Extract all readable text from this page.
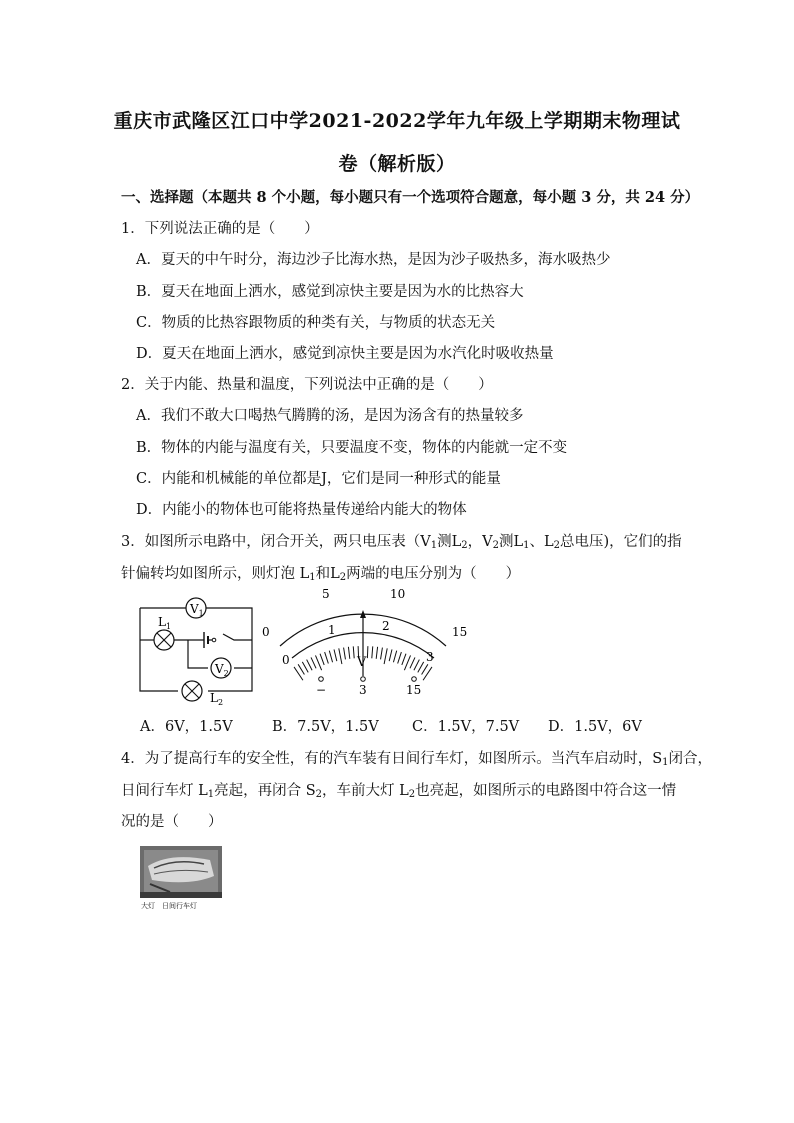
重庆市武隆区江口中学2021-2022学年九年级上学期期末物理试
卷（解析版）
一、选择题（本题共 8 个小题，每小题只有一个选项符合题意，每小题 3 分，共 24 分）
1．下列说法正确的是（　　）
A．夏天的中午时分，海边沙子比海水热，是因为沙子吸热多，海水吸热少
B．夏天在地面上洒水，感觉到凉快主要是因为水的比热容大
C．物质的比热容跟物质的种类有关，与物质的状态无关
D．夏天在地面上洒水，感觉到凉快主要是因为水汽化时吸收热量
2．关于内能、热量和温度，下列说法中正确的是（　　）
A．我们不敢大口喝热气腾腾的汤，是因为汤含有的热量较多
B．物体的内能与温度有关，只要温度不变，物体的内能就一定不变
C．内能和机械能的单位都是J，它们是同一种形式的能量
D．内能小的物体也可能将热量传递给内能大的物体
3．如图所示电路中，闭合开关，两只电压表（$V_1$测$L_2$，$V_2$测$L_1$、$L_2$总电压)，它们的指
针偏转均如图所示，则灯泡 $L_1$和$L_2$两端的电压分别为（　　）
$V_1$
$V_2$
$L_1$
$L_2$
0
5	10
15
0
1	2
3
V
−	3	15
A．6V，1.5V	B．7.5V，1.5V C．1.5V，7.5V D．1.5V，6V
4．为了提高行车的安全性，有的汽车装有日间行车灯，如图所示。当汽车启动时，$S_1$闭合，
日间行车灯 $L_1$亮起，再闭合 $S_2$，车前大灯 $L_2$也亮起，如图所示的电路图中符合这一情
况的是（　　）
大灯　日间行车灯
